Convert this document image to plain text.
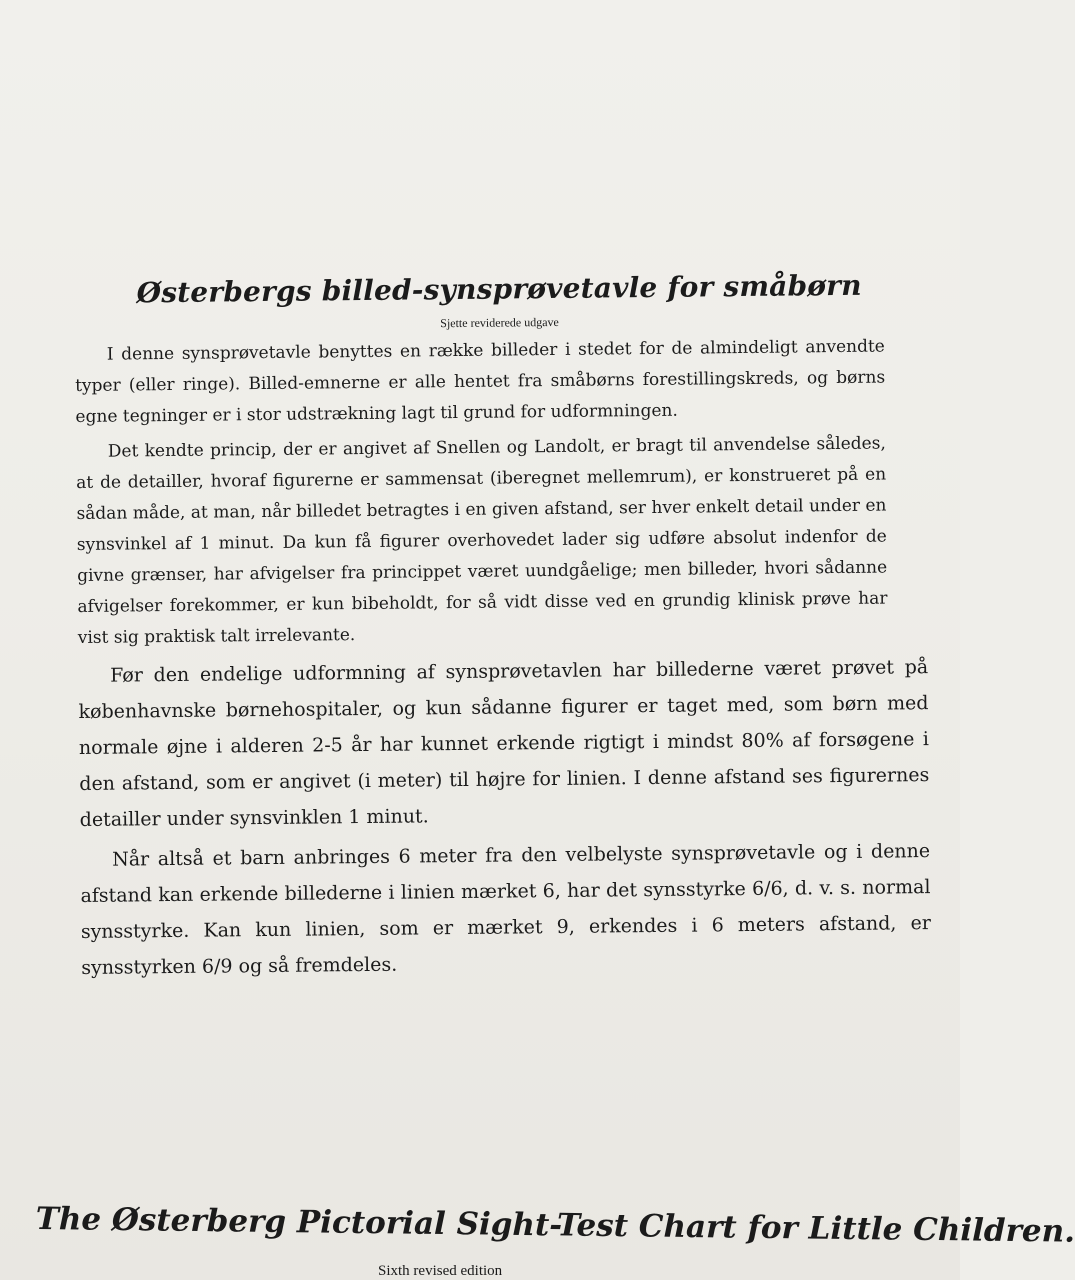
Østerbergs billed-synsprøvetavle for småbørn

Sjette reviderede udgave

I denne synsprøvetavle benyttes en række billeder i stedet for de almindeligt anvendte typer (eller ringe). Billed-emnerne er alle hentet fra småbørns forestillingskreds, og børns egne tegninger er i stor udstrækning lagt til grund for udformningen.

Det kendte princip, der er angivet af Snellen og Landolt, er bragt til anvendelse således, at de detailler, hvoraf figurerne er sammensat (iberegnet mellemrum), er konstrueret på en sådan måde, at man, når billedet betragtes i en given afstand, ser hver enkelt detail under en synsvinkel af 1 minut. Da kun få figurer overhovedet lader sig udføre absolut indenfor de givne grænser, har afvigelser fra princippet været uundgåelige; men billeder, hvori sådanne afvigelser forekommer, er kun bibeholdt, for så vidt disse ved en grundig klinisk prøve har vist sig praktisk talt irrelevante.

Før den endelige udformning af synsprøvetavlen har billederne været prøvet på københavnske børnehospitaler, og kun sådanne figurer er taget med, som børn med normale øjne i alderen 2-5 år har kunnet erkende rigtigt i mindst 80% af forsøgene i den afstand, som er angivet (i meter) til højre for linien. I denne afstand ses figurernes detailler under synsvinklen 1 minut.

Når altså et barn anbringes 6 meter fra den velbelyste synsprøvetavle og i denne afstand kan erkende billederne i linien mærket 6, har det synsstyrke 6/6, d. v. s. normal synsstyrke. Kan kun linien, som er mærket 9, erkendes i 6 meters afstand, er synsstyrken 6/9 og så fremdeles.

The Østerberg Pictorial Sight-Test Chart for Little Children.

Sixth revised edition
